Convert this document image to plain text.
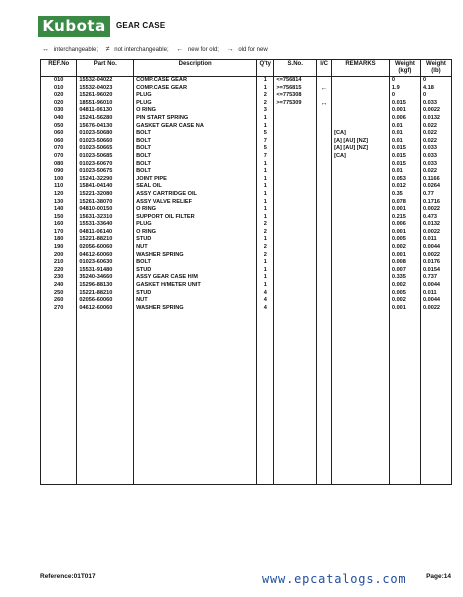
Kubota	GEAR CASE
↔ interchangeable; ≠ not interchangeable; ← new for old; → old for new
REF.No	Part No.	Description	Q'ty	S.No.	I/C	REMARKS	Weight (kgf)	Weight (lb)
010	15532-04022	COMP.CASE GEAR	1	<=756814			0	0
010	15532-04023	COMP.CASE GEAR	1	>=756815	←		1.9	4.18
020	15261-96020	PLUG	2	<=775308			0	0
020	18551-96010	PLUG	2	>=775309	↔		0.015	0.033
030	04811-06130	O RING	3				0.001	0.0022
040	15241-56280	PIN START SPRING	1				0.006	0.0132
050	15676-04130	GASKET GEAR CASE NA	1				0.01	0.022
060	01023-50680	BOLT	5			[CA]	0.01	0.022
060	01023-50660	BOLT	7			[A] [AU] [NZ]	0.01	0.022
070	01023-50665	BOLT	5			[A] [AU] [NZ]	0.015	0.033
070	01023-50685	BOLT	7			[CA]	0.015	0.033
080	01023-60670	BOLT	1				0.015	0.033
090	01023-50675	BOLT	1				0.01	0.022
100	15241-32290	JOINT PIPE	1				0.053	0.1166
110	15841-04140	SEAL OIL	1				0.012	0.0264
120	15221-32080	ASSY CARTRIDGE OIL	1				0.35	0.77
130	15261-38070	ASSY VALVE RELIEF	1				0.078	0.1716
140	04810-00150	O RING	1				0.001	0.0022
150	15631-32310	SUPPORT OIL FILTER	1				0.215	0.473
160	15531-33640	PLUG	2				0.006	0.0132
170	04811-06140	O RING	2				0.001	0.0022
180	15221-88210	STUD	1				0.005	0.011
190	02056-60060	NUT	2				0.002	0.0044
200	04612-60060	WASHER SPRING	2				0.001	0.0022
210	01023-60630	BOLT	1				0.008	0.0176
220	15531-91480	STUD	1				0.007	0.0154
230	35240-34660	ASSY GEAR CASE H/M	1				0.335	0.737
240	15296-88130	GASKET H/METER UNIT	1				0.002	0.0044
250	15221-88210	STUD	4				0.005	0.011
260	02056-60060	NUT	4				0.002	0.0044
270	04612-60060	WASHER SPRING	4				0.001	0.0022

Reference:01T017	www.epcatalogs.com	Page:14
